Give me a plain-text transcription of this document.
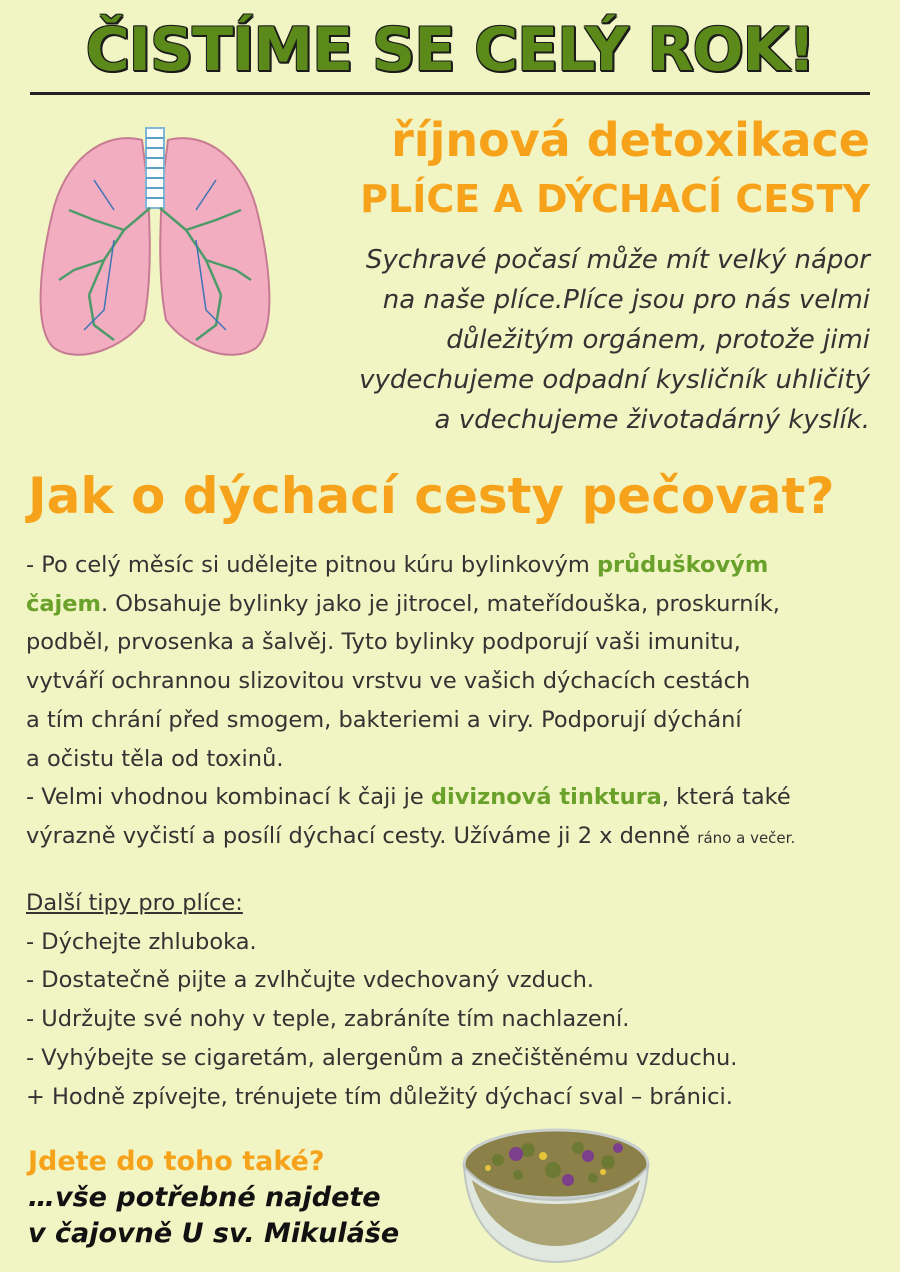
ČISTÍME SE CELÝ ROK!
říjnová detoxikace
PLÍCE A DÝCHACÍ CESTY
Sychravé počasí může mít velký nápor
na naše plíce.Plíce jsou pro nás velmi
důležitým orgánem, protože jimi
vydechujeme odpadní kysličník uhličitý
a vdechujeme životadárný kyslík.
Jak o dýchací cesty pečovat?
- Po celý měsíc si udělejte pitnou kúru bylinkovým průduškovým
čajem. Obsahuje bylinky jako je jitrocel, mateřídouška, proskurník,
podběl, prvosenka a šalvěj. Tyto bylinky podporují vaši imunitu,
vytváří ochrannou slizovitou vrstvu ve vašich dýchacích cestách
a tím chrání před smogem, bakteriemi a viry. Podporují dýchání
a očistu těla od toxinů.
- Velmi vhodnou kombinací k čaji je diviznová tinktura, která také
výrazně vyčistí a posílí dýchací cesty. Užíváme ji 2 x denně ráno a večer.
Další tipy pro plíce:
- Dýchejte zhluboka.
- Dostatečně pijte a zvlhčujte vdechovaný vzduch.
- Udržujte své nohy v teple, zabráníte tím nachlazení.
- Vyhýbejte se cigaretám, alergenům a znečištěnému vzduchu.
+ Hodně zpívejte, trénujete tím důležitý dýchací sval – bránici.
Jdete do toho také?
…vše potřebné najdete
v čajovně U sv. Mikuláše
